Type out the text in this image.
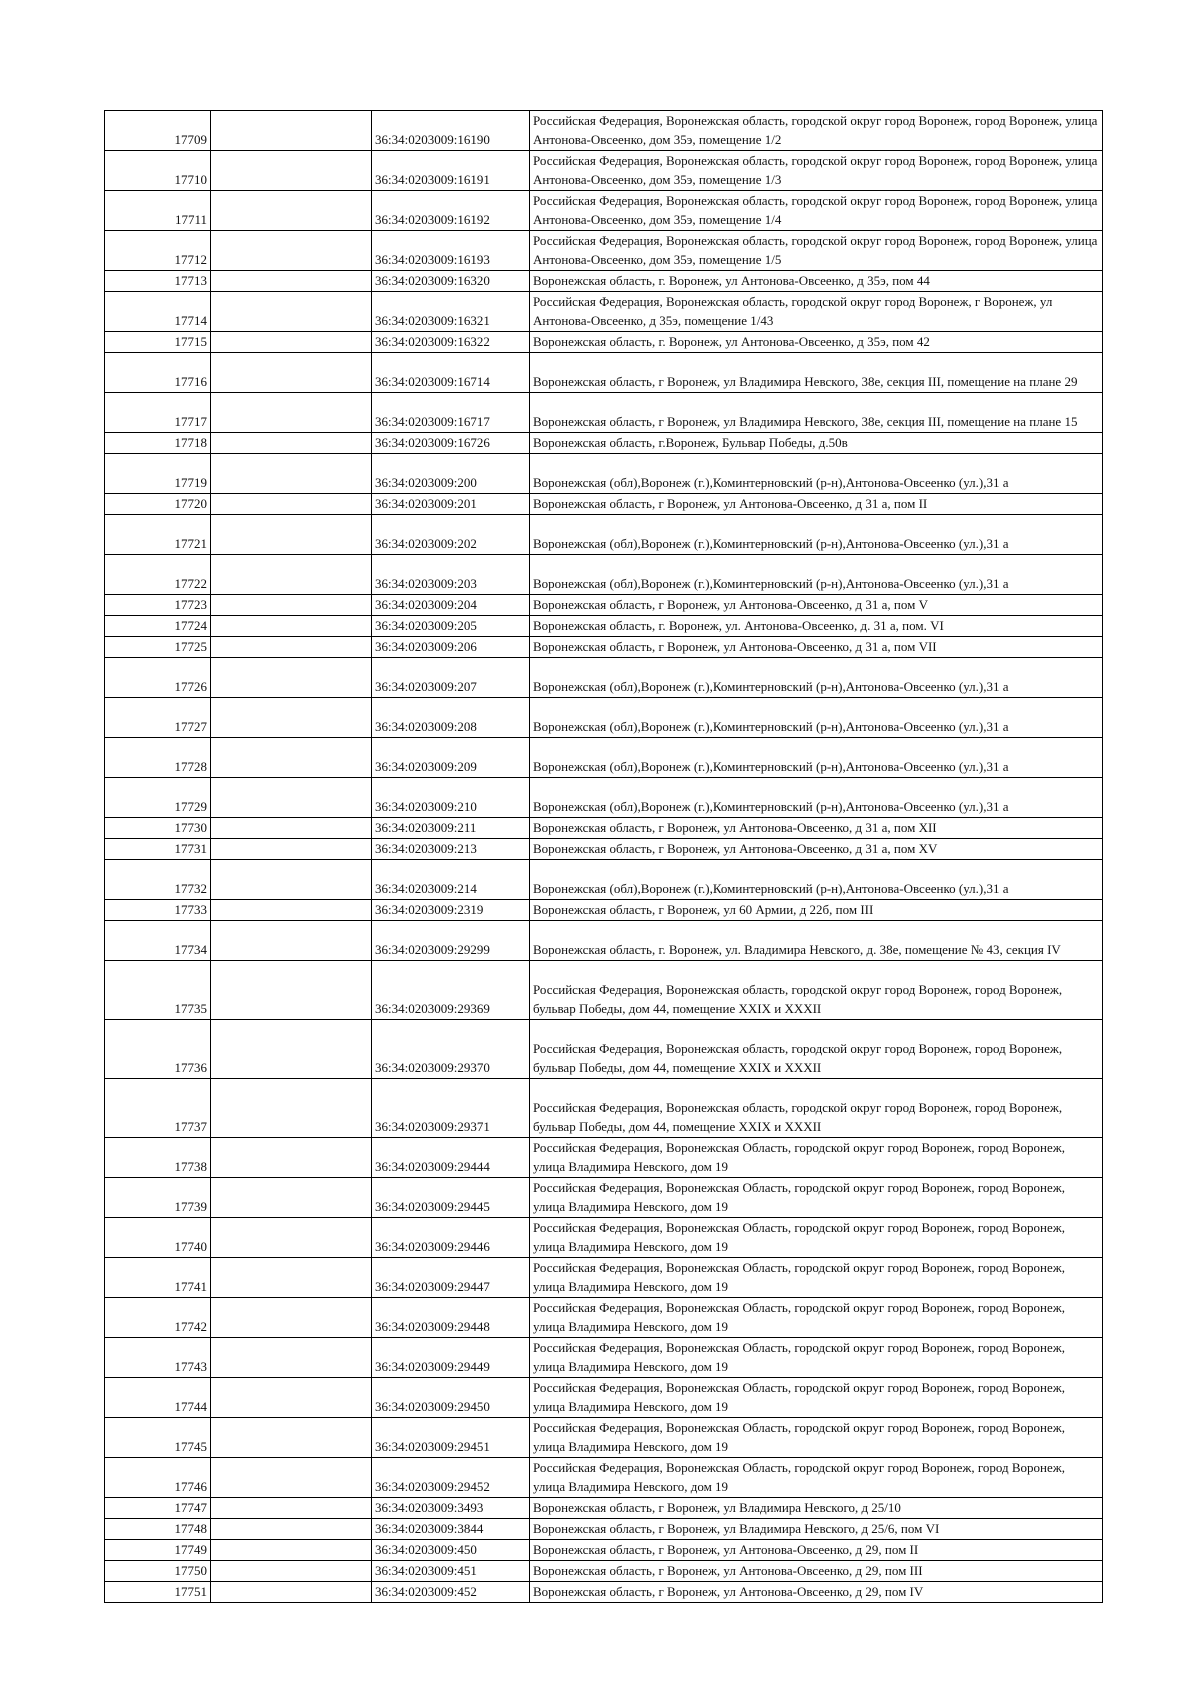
17709		36:34:0203009:16190	Российская Федерация, Воронежская область, городской округ город Воронеж, город Воронеж, улица Антонова-Овсеенко, дом 35э, помещение 1/2
17710		36:34:0203009:16191	Российская Федерация, Воронежская область, городской округ город Воронеж, город Воронеж, улица Антонова-Овсеенко, дом 35э, помещение 1/3
17711		36:34:0203009:16192	Российская Федерация, Воронежская область, городской округ город Воронеж, город Воронеж, улица Антонова-Овсеенко, дом 35э, помещение 1/4
17712		36:34:0203009:16193	Российская Федерация, Воронежская область, городской округ город Воронеж, город Воронеж, улица Антонова-Овсеенко, дом 35э, помещение 1/5
17713		36:34:0203009:16320	Воронежская область, г. Воронеж, ул Антонова-Овсеенко, д 35э, пом 44
17714		36:34:0203009:16321	Российская Федерация, Воронежская область, городской округ город Воронеж, г Воронеж, ул Антонова-Овсеенко, д 35э, помещение 1/43
17715		36:34:0203009:16322	Воронежская область, г. Воронеж, ул Антонова-Овсеенко, д 35э, пом 42
17716		36:34:0203009:16714	Воронежская область, г Воронеж, ул Владимира Невского, 38е, секция III, помещение на плане 29
17717		36:34:0203009:16717	Воронежская область, г Воронеж, ул Владимира Невского, 38е, секция III, помещение на плане 15
17718		36:34:0203009:16726	Воронежская область, г.Воронеж, Бульвар Победы, д.50в
17719		36:34:0203009:200	Воронежская (обл),Воронеж (г.),Коминтерновский (р-н),Антонова-Овсеенко (ул.),31 а
17720		36:34:0203009:201	Воронежская область, г Воронеж, ул Антонова-Овсеенко, д 31 а, пом II
17721		36:34:0203009:202	Воронежская (обл),Воронеж (г.),Коминтерновский (р-н),Антонова-Овсеенко (ул.),31 а
17722		36:34:0203009:203	Воронежская (обл),Воронеж (г.),Коминтерновский (р-н),Антонова-Овсеенко (ул.),31 а
17723		36:34:0203009:204	Воронежская область, г Воронеж, ул Антонова-Овсеенко, д 31 а, пом V
17724		36:34:0203009:205	Воронежская область, г. Воронеж, ул. Антонова-Овсеенко, д. 31 а, пом. VI
17725		36:34:0203009:206	Воронежская область, г Воронеж, ул Антонова-Овсеенко, д 31 а, пом VII
17726		36:34:0203009:207	Воронежская (обл),Воронеж (г.),Коминтерновский (р-н),Антонова-Овсеенко (ул.),31 а
17727		36:34:0203009:208	Воронежская (обл),Воронеж (г.),Коминтерновский (р-н),Антонова-Овсеенко (ул.),31 а
17728		36:34:0203009:209	Воронежская (обл),Воронеж (г.),Коминтерновский (р-н),Антонова-Овсеенко (ул.),31 а
17729		36:34:0203009:210	Воронежская (обл),Воронеж (г.),Коминтерновский (р-н),Антонова-Овсеенко (ул.),31 а
17730		36:34:0203009:211	Воронежская область, г Воронеж, ул Антонова-Овсеенко, д 31 а, пом XII
17731		36:34:0203009:213	Воронежская область, г Воронеж, ул Антонова-Овсеенко, д 31 а, пом XV
17732		36:34:0203009:214	Воронежская (обл),Воронеж (г.),Коминтерновский (р-н),Антонова-Овсеенко (ул.),31 а
17733		36:34:0203009:2319	Воронежская область, г Воронеж, ул 60 Армии, д 22б, пом III
17734		36:34:0203009:29299	Воронежская область, г. Воронеж, ул. Владимира Невского, д. 38е, помещение № 43, секция IV
17735		36:34:0203009:29369	Российская Федерация, Воронежская область, городской округ город Воронеж, город Воронеж, бульвар Победы, дом 44, помещение XXIX и XXXII
17736		36:34:0203009:29370	Российская Федерация, Воронежская область, городской округ город Воронеж, город Воронеж, бульвар Победы, дом 44, помещение XXIX и XXXII
17737		36:34:0203009:29371	Российская Федерация, Воронежская область, городской округ город Воронеж, город Воронеж, бульвар Победы, дом 44, помещение XXIX и XXXII
17738		36:34:0203009:29444	Российская Федерация, Воронежская Область, городской округ город Воронеж, город Воронеж, улица Владимира Невского, дом 19
17739		36:34:0203009:29445	Российская Федерация, Воронежская Область, городской округ город Воронеж, город Воронеж, улица Владимира Невского, дом 19
17740		36:34:0203009:29446	Российская Федерация, Воронежская Область, городской округ город Воронеж, город Воронеж, улица Владимира Невского, дом 19
17741		36:34:0203009:29447	Российская Федерация, Воронежская Область, городской округ город Воронеж, город Воронеж, улица Владимира Невского, дом 19
17742		36:34:0203009:29448	Российская Федерация, Воронежская Область, городской округ город Воронеж, город Воронеж, улица Владимира Невского, дом 19
17743		36:34:0203009:29449	Российская Федерация, Воронежская Область, городской округ город Воронеж, город Воронеж, улица Владимира Невского, дом 19
17744		36:34:0203009:29450	Российская Федерация, Воронежская Область, городской округ город Воронеж, город Воронеж, улица Владимира Невского, дом 19
17745		36:34:0203009:29451	Российская Федерация, Воронежская Область, городской округ город Воронеж, город Воронеж, улица Владимира Невского, дом 19
17746		36:34:0203009:29452	Российская Федерация, Воронежская Область, городской округ город Воронеж, город Воронеж, улица Владимира Невского, дом 19
17747		36:34:0203009:3493	Воронежская область, г Воронеж, ул Владимира Невского, д 25/10
17748		36:34:0203009:3844	Воронежская область, г Воронеж, ул Владимира Невского, д 25/6, пом VI
17749		36:34:0203009:450	Воронежская область, г Воронеж, ул Антонова-Овсеенко, д 29, пом II
17750		36:34:0203009:451	Воронежская область, г Воронеж, ул Антонова-Овсеенко, д 29, пом III
17751		36:34:0203009:452	Воронежская область, г Воронеж, ул Антонова-Овсеенко, д 29, пом IV
